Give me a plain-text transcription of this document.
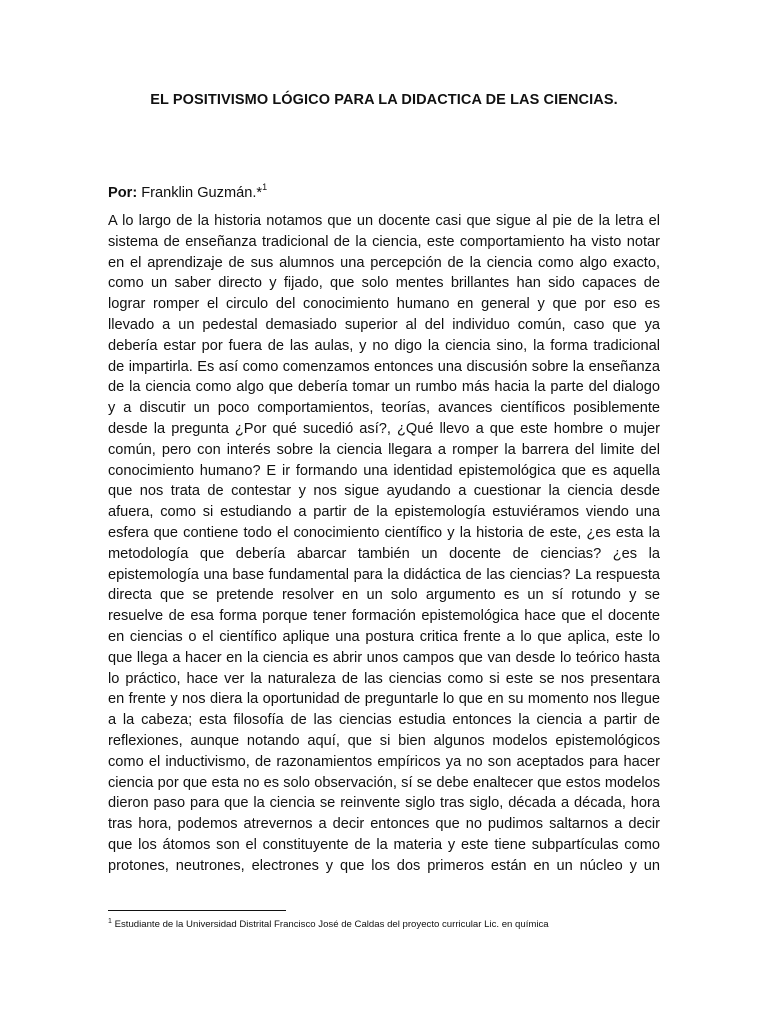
EL POSITIVISMO LÓGICO PARA LA DIDACTICA DE LAS CIENCIAS.
Por: Franklin Guzmán.*$^1$
A lo largo de la historia notamos que un docente casi que sigue al pie de la letra el
sistema de enseñanza tradicional de la ciencia, este comportamiento ha visto notar
en el aprendizaje de sus alumnos una percepción de la ciencia como algo exacto,
como un saber directo y fijado, que solo mentes brillantes han sido capaces de
lograr romper el circulo del conocimiento humano en general y que por eso es
llevado a un pedestal demasiado superior al del individuo común, caso que ya
debería estar por fuera de las aulas, y no digo la ciencia sino, la forma tradicional
de impartirla. Es así como comenzamos entonces una discusión sobre la enseñanza
de la ciencia como algo que debería tomar un rumbo más hacia la parte del dialogo
y a discutir un poco comportamientos, teorías, avances científicos posiblemente
desde la pregunta ¿Por qué sucedió así?, ¿Qué llevo a que este hombre o mujer
común, pero con interés sobre la ciencia llegara a romper la barrera del limite del
conocimiento humano? E ir formando una identidad epistemológica que es aquella
que nos trata de contestar y nos sigue ayudando a cuestionar la ciencia desde
afuera, como si estudiando a partir de la epistemología estuviéramos viendo una
esfera que contiene todo el conocimiento científico y la historia de este, ¿es esta la
metodología que debería abarcar también un docente de ciencias? ¿es la
epistemología una base fundamental para la didáctica de las ciencias? La respuesta
directa que se pretende resolver en un solo argumento es un sí rotundo y se
resuelve de esa forma porque tener formación epistemológica hace que el docente
en ciencias o el científico aplique una postura critica frente a lo que aplica, este lo
que llega a hacer en la ciencia es abrir unos campos que van desde lo teórico hasta
lo práctico, hace ver la naturaleza de las ciencias como si este se nos presentara
en frente y nos diera la oportunidad de preguntarle lo que en su momento nos llegue
a la cabeza; esta filosofía de las ciencias estudia entonces la ciencia a partir de
reflexiones, aunque notando aquí, que si bien algunos modelos epistemológicos
como el inductivismo, de razonamientos empíricos ya no son aceptados para hacer
ciencia por que esta no es solo observación, sí se debe enaltecer que estos modelos
dieron paso para que la ciencia se reinvente siglo tras siglo, década a década, hora
tras hora, podemos atrevernos a decir entonces que no pudimos saltarnos a decir
que los átomos son el constituyente de la materia y este tiene subpartículas como
protones, neutrones, electrones y que los dos primeros están en un núcleo y un
$^1$ Estudiante de la Universidad Distrital Francisco José de Caldas del proyecto curricular Lic. en química
